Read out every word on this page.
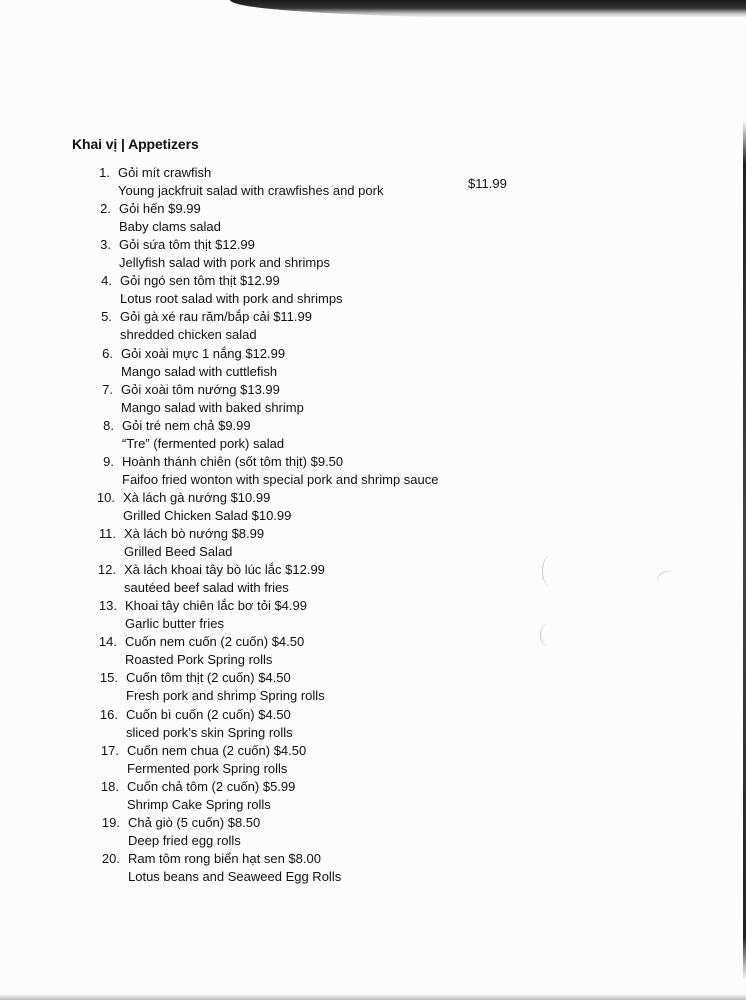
Khai vị | Appetizers
$11.99
1. Gỏi mít crawfish
Young jackfruit salad with crawfishes and pork
2. Gỏi hến $9.99
Baby clams salad
3. Gỏi sứa tôm thịt $12.99
Jellyfish salad with pork and shrimps
4. Gỏi ngó sen tôm thịt $12.99
Lotus root salad with pork and shrimps
5. Gỏi gà xé rau răm/bắp cải $11.99
shredded chicken salad
6. Gỏi xoài mực 1 nắng $12.99
Mango salad with cuttlefish
7. Gỏi xoài tôm nướng $13.99
Mango salad with baked shrimp
8. Gỏi tré nem chả $9.99
“Tre” (fermented pork) salad
9. Hoành thánh chiên (sốt tôm thịt) $9.50
Faifoo fried wonton with special pork and shrimp sauce
10. Xà lách gà nướng $10.99
Grilled Chicken Salad $10.99
11. Xà lách bò nướng $8.99
Grilled Beed Salad
12. Xà lách khoai tây bò lúc lắc $12.99
sautéed beef salad with fries
13. Khoai tây chiên lắc bơ tỏi $4.99
Garlic butter fries
14. Cuốn nem cuốn (2 cuốn) $4.50
Roasted Pork Spring rolls
15. Cuốn tôm thịt (2 cuốn) $4.50
Fresh pork and shrimp Spring rolls
16. Cuốn bì cuốn (2 cuốn) $4.50
sliced pork’s skin Spring rolls
17. Cuốn nem chua (2 cuốn) $4.50
Fermented pork Spring rolls
18. Cuốn chả tôm (2 cuốn) $5.99
Shrimp Cake Spring rolls
19. Chả giò (5 cuốn) $8.50
Deep fried egg rolls
20. Ram tôm rong biển hạt sen $8.00
Lotus beans and Seaweed Egg Rolls
